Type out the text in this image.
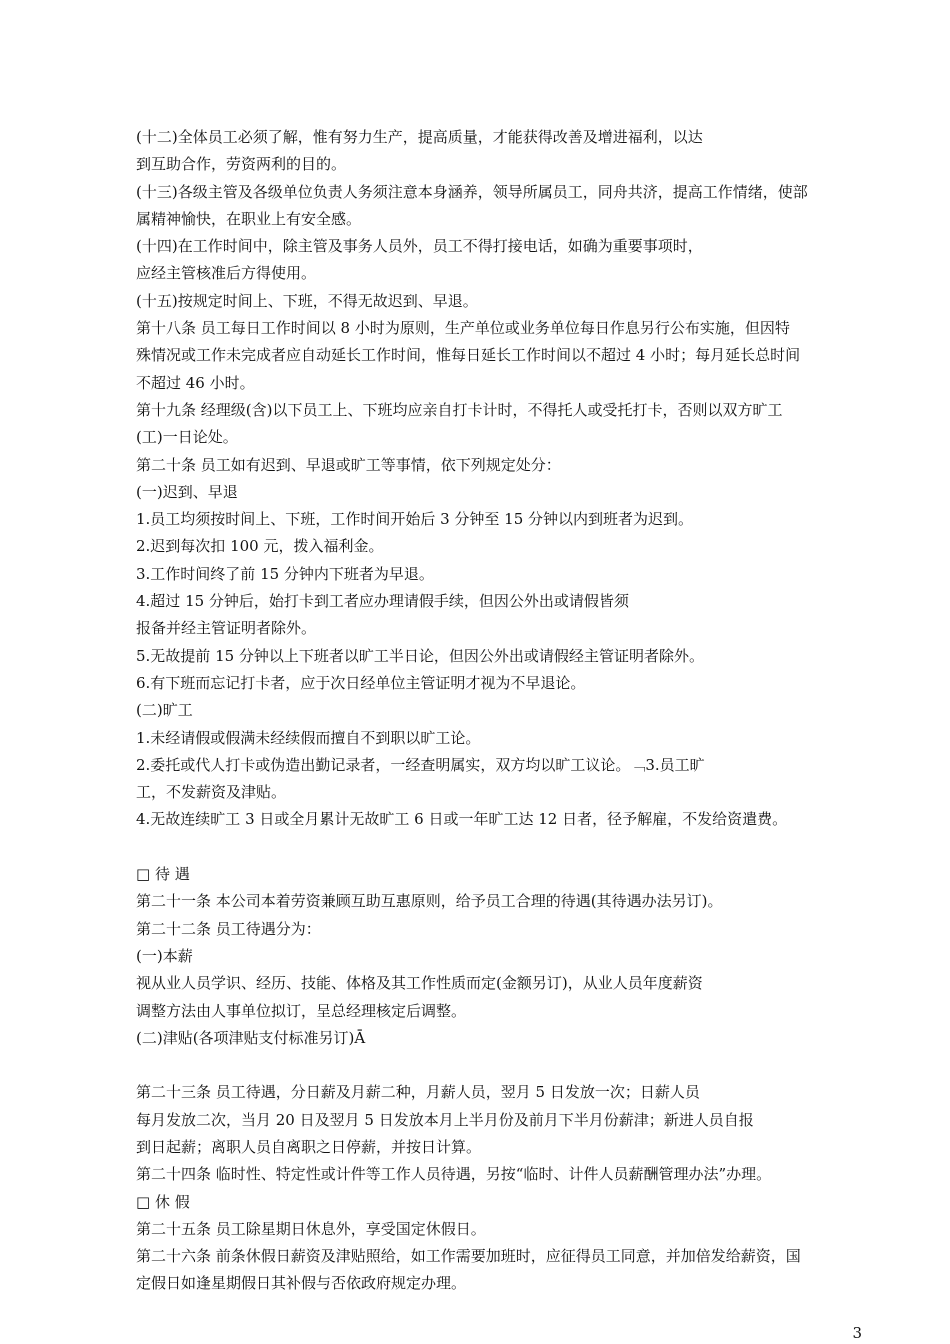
(十二)全体员工必须了解，惟有努力生产，提高质量，才能获得改善及增进福利，以达
到互助合作，劳资两利的目的。
(十三)各级主管及各级单位负责人务须注意本身涵养，领导所属员工，同舟共济，提高工作情绪，使部
属精神愉快，在职业上有安全感。
(十四)在工作时间中，除主管及事务人员外，员工不得打接电话，如确为重要事项时，
应经主管核准后方得使用。
(十五)按规定时间上、下班，不得无故迟到、早退。
第十八条 员工每日工作时间以 8 小时为原则，生产单位或业务单位每日作息另行公布实施，但因特
殊情况或工作未完成者应自动延长工作时间，惟每日延长工作时间以不超过 4 小时；每月延长总时间
不超过 46 小时。
第十九条 经理级(含)以下员工上、下班均应亲自打卡计时，不得托人或受托打卡，否则以双方旷工
(工)一日论处。
第二十条 员工如有迟到、早退或旷工等事情，依下列规定处分：
(一)迟到、早退
1.员工均须按时间上、下班，工作时间开始后 3 分钟至 15 分钟以内到班者为迟到。
2.迟到每次扣 100 元，拨入福利金。
3.工作时间终了前 15 分钟内下班者为早退。
4.超过 15 分钟后，始打卡到工者应办理请假手续，但因公外出或请假皆须
报备并经主管证明者除外。
5.无故提前 15 分钟以上下班者以旷工半日论，但因公外出或请假经主管证明者除外。
6.有下班而忘记打卡者，应于次日经单位主管证明才视为不早退论。
(二)旷工
1.未经请假或假满未经续假而擅自不到职以旷工论。
2.委托或代人打卡或伪造出勤记录者，一经查明属实，双方均以旷工议论。﹁3.员工旷
工，不发薪资及津贴。
4.无故连续旷工 3 日或全月累计无故旷工 6 日或一年旷工达 12 日者，径予解雇，不发给资遣费。
□ 待 遇
第二十一条 本公司本着劳资兼顾互助互惠原则，给予员工合理的待遇(其待遇办法另订)。
第二十二条 员工待遇分为：
(一)本薪
视从业人员学识、经历、技能、体格及其工作性质而定(金额另订)，从业人员年度薪资
调整方法由人事单位拟订，呈总经理核定后调整。
(二)津贴(各项津贴支付标准另订)Ā
第二十三条 员工待遇，分日薪及月薪二种，月薪人员，翌月 5 日发放一次；日薪人员
每月发放二次，当月 20 日及翌月 5 日发放本月上半月份及前月下半月份薪津；新进人员自报
到日起薪；离职人员自离职之日停薪，并按日计算。
第二十四条 临时性、特定性或计件等工作人员待遇，另按“临时、计件人员薪酬管理办法”办理。
□ 休 假
第二十五条 员工除星期日休息外，享受国定休假日。
第二十六条 前条休假日薪资及津贴照给，如工作需要加班时，应征得员工同意，并加倍发给薪资，国
定假日如逢星期假日其补假与否依政府规定办理。
3
